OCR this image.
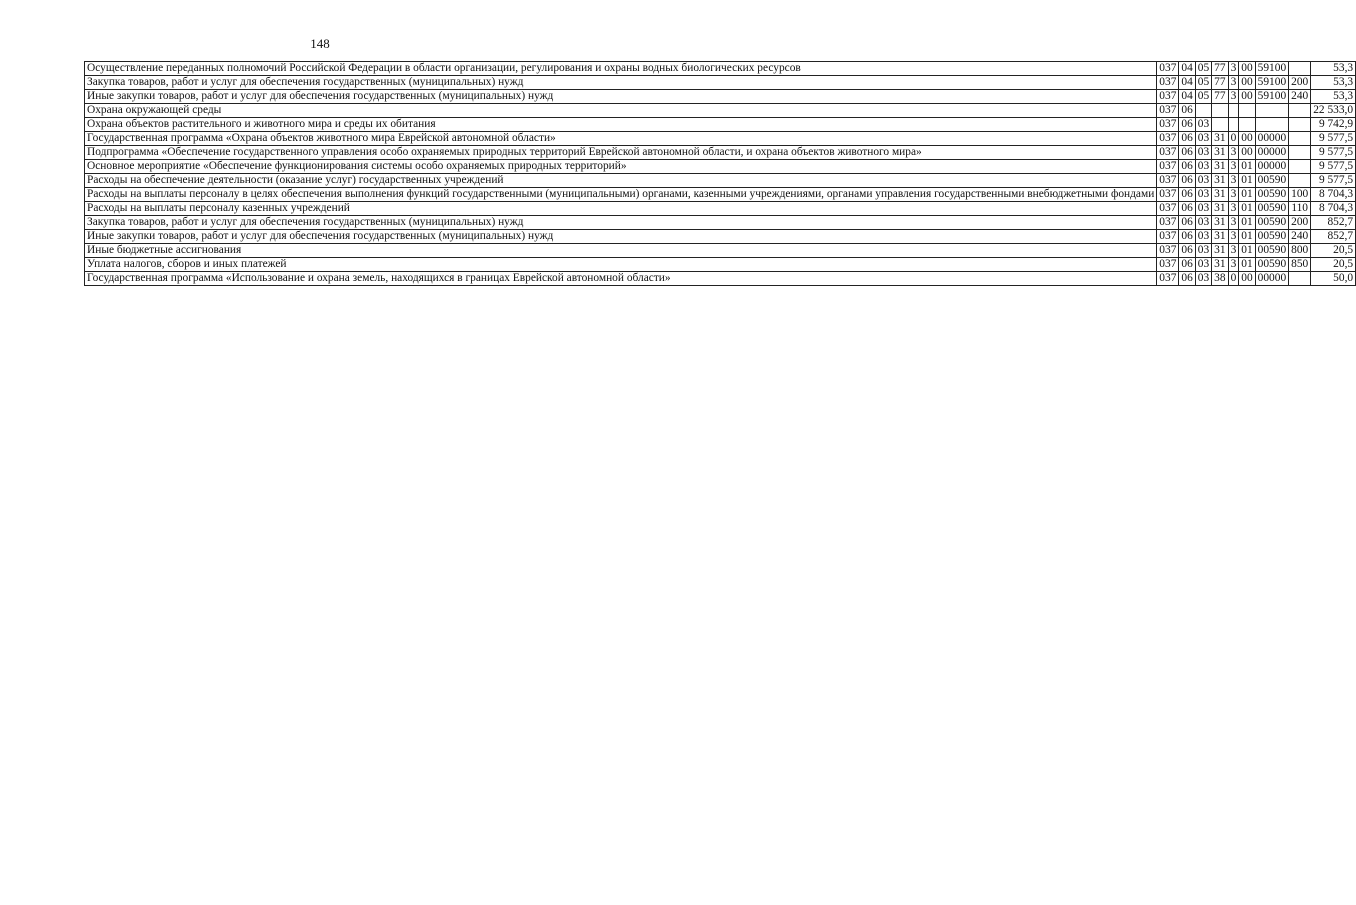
148
Осуществление переданных полномочий Российской Федерации в области организации, регулирования и охраны водных биологических ресурсов	037	04	05	77	3	00	59100		53,3
Закупка товаров, работ и услуг для обеспечения государственных (муниципальных) нужд	037	04	05	77	3	00	59100	200	53,3
Иные закупки товаров, работ и услуг для обеспечения государственных (муниципальных) нужд	037	04	05	77	3	00	59100	240	53,3
Охрана окружающей среды	037	06							22 533,0
Охрана объектов растительного и животного мира и среды их обитания	037	06	03						9 742,9
Государственная программа «Охрана объектов животного мира Еврейской автономной области»	037	06	03	31	0	00	00000		9 577,5
Подпрограмма «Обеспечение государственного управления особо охраняемых природных территорий Еврейской автономной области, и охрана объектов животного мира»	037	06	03	31	3	00	00000		9 577,5
Основное мероприятие «Обеспечение функционирования системы особо охраняемых природных территорий»	037	06	03	31	3	01	00000		9 577,5
Расходы на обеспечение деятельности (оказание услуг) государственных учреждений	037	06	03	31	3	01	00590		9 577,5
Расходы на выплаты персоналу в целях обеспечения выполнения функций государственными (муниципальными) органами, казенными учреждениями, органами управления государственными внебюджетными фондами	037	06	03	31	3	01	00590	100	8 704,3
Расходы на выплаты персоналу казенных учреждений	037	06	03	31	3	01	00590	110	8 704,3
Закупка товаров, работ и услуг для обеспечения государственных (муниципальных) нужд	037	06	03	31	3	01	00590	200	852,7
Иные закупки товаров, работ и услуг для обеспечения государственных (муниципальных) нужд	037	06	03	31	3	01	00590	240	852,7
Иные бюджетные ассигнования	037	06	03	31	3	01	00590	800	20,5
Уплата налогов, сборов и иных платежей	037	06	03	31	3	01	00590	850	20,5
Государственная программа «Использование и охрана земель, находящихся в границах Еврейской автономной области»	037	06	03	38	0	00	00000		50,0
